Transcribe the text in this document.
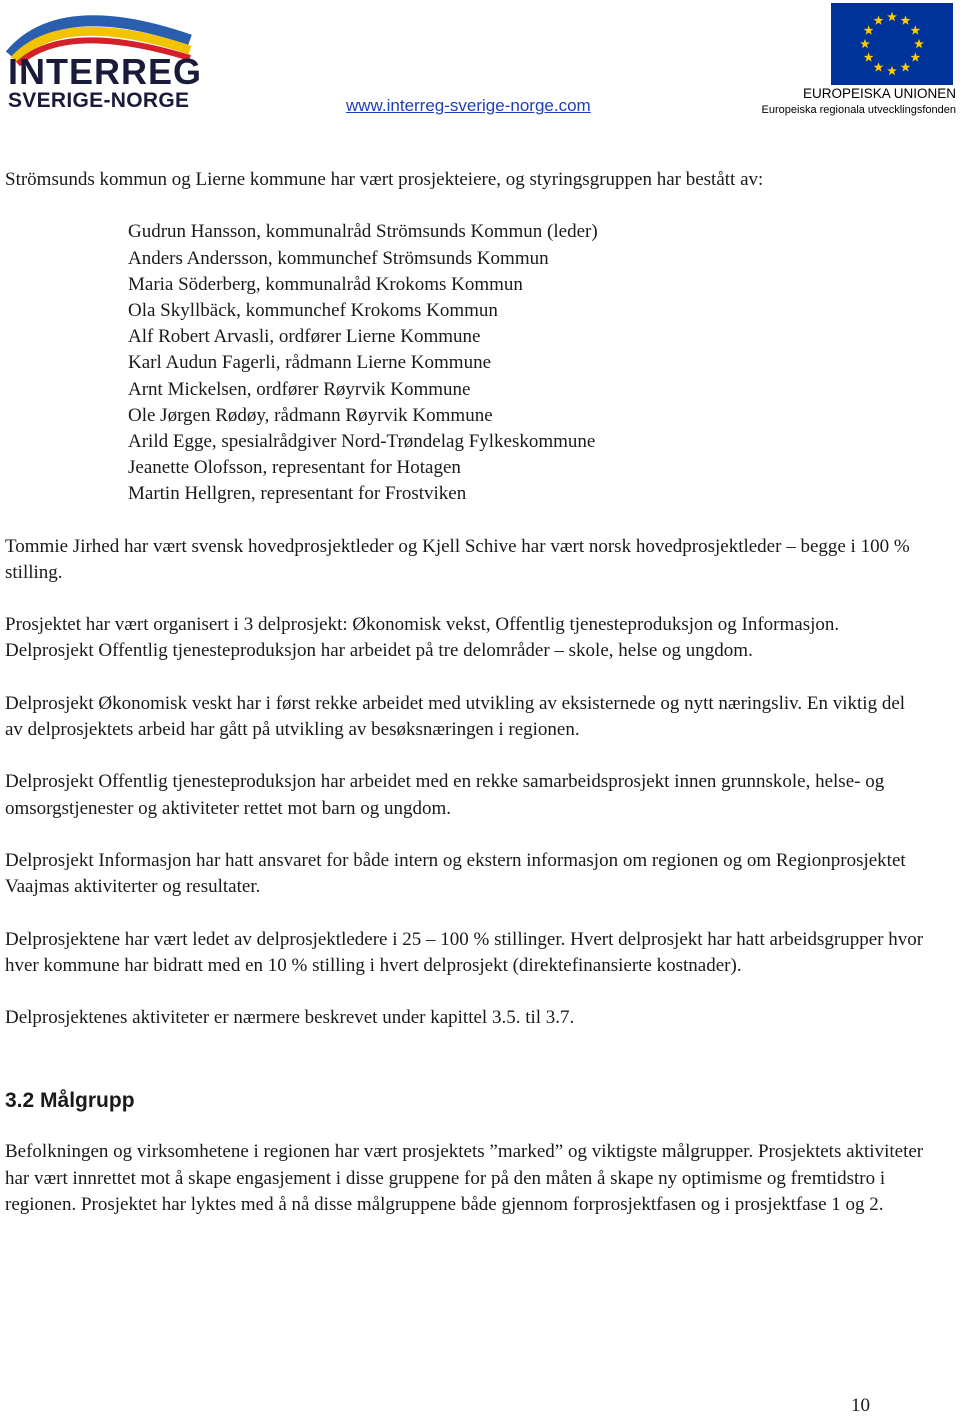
INTERREG
SVERIGE-NORGE	www.interreg-sverige-norge.com
EUROPEISKA UNIONEN
Europeiska regionala utvecklingsfonden

Strömsunds kommun og Lierne kommune har vært prosjekteiere, og styringsgruppen har bestått av:

Gudrun Hansson, kommunalråd Strömsunds Kommun (leder)
Anders Andersson, kommunchef Strömsunds Kommun
Maria Söderberg, kommunalråd Krokoms Kommun
Ola Skyllbäck, kommunchef Krokoms Kommun
Alf Robert Arvasli, ordfører Lierne Kommune
Karl Audun Fagerli, rådmann Lierne Kommune
Arnt Mickelsen, ordfører Røyrvik Kommune
Ole Jørgen Rødøy, rådmann Røyrvik Kommune
Arild Egge, spesialrådgiver Nord-Trøndelag Fylkeskommune
Jeanette Olofsson, representant for Hotagen
Martin Hellgren, representant for Frostviken

Tommie Jirhed har vært svensk hovedprosjektleder og Kjell Schive har vært norsk hovedprosjektleder – begge i 100 % stilling.

Prosjektet har vært organisert i 3 delprosjekt: Økonomisk vekst, Offentlig tjenesteproduksjon og Informasjon. Delprosjekt Offentlig tjenesteproduksjon har arbeidet på tre delområder – skole, helse og ungdom.

Delprosjekt Økonomisk veskt har i først rekke arbeidet med utvikling av eksisternede og nytt næringsliv. En viktig del av delprosjektets arbeid har gått på utvikling av besøksnæringen i regionen.

Delprosjekt Offentlig tjenesteproduksjon har arbeidet med en rekke samarbeidsprosjekt innen grunnskole, helse- og omsorgstjenester og aktiviteter rettet mot barn og ungdom.

Delprosjekt Informasjon har hatt ansvaret for både intern og ekstern informasjon om regionen og om Regionprosjektet Vaajmas aktiviterter og resultater.

Delprosjektene har vært ledet av delprosjektledere i 25 – 100 % stillinger. Hvert delprosjekt har hatt arbeidsgrupper hvor hver kommune har bidratt med en 10 % stilling i hvert delprosjekt (direktefinansierte kostnader).

Delprosjektenes aktiviteter er nærmere beskrevet under kapittel 3.5. til 3.7.

3.2 Målgrupp

Befolkningen og virksomhetene i regionen har vært prosjektets ”marked” og viktigste målgrupper. Prosjektets aktiviteter har vært innrettet mot å skape engasjement i disse gruppene for på den måten å skape ny optimisme og fremtidstro i regionen. Prosjektet har lyktes med å nå disse målgruppene både gjennom forprosjektfasen og i prosjektfase 1 og 2.

10
